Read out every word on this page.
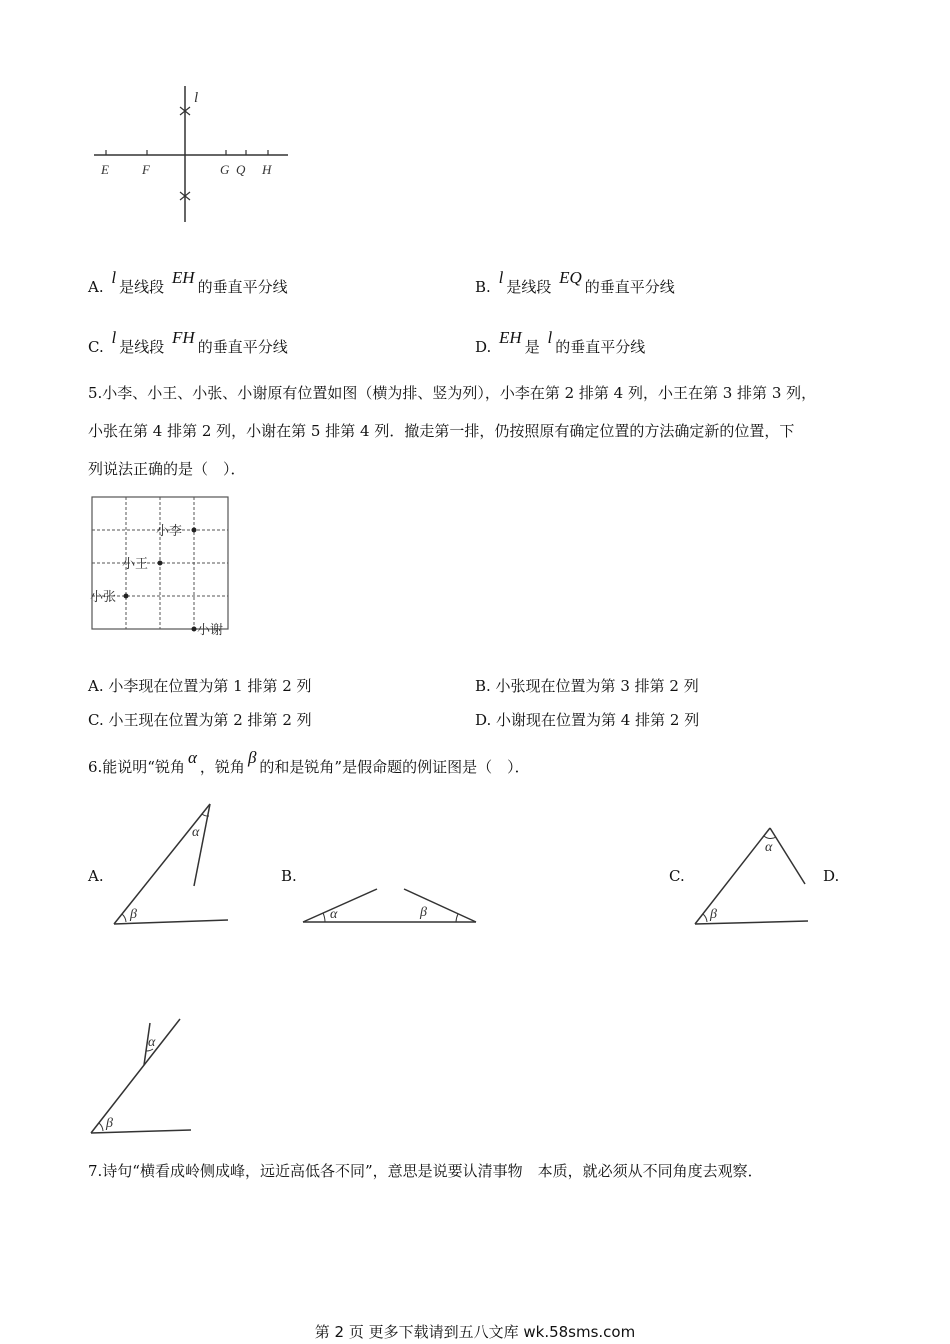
l
E	F	G Q H
A. l 是线段 EH 的垂直平分线	B. l 是线段 EQ 的垂直平分线
C. l 是线段 FH 的垂直平分线	D. EH 是 l 的垂直平分线
5.小李、小王、小张、小谢原有位置如图（横为排、竖为列），小李在第 2 排第 4 列，小王在第 3 排第 3 列，
小张在第 4 排第 2 列，小谢在第 5 排第 4 列．撤走第一排，仍按照原有确定位置的方法确定新的位置，下
列说法正确的是（　）．
小李
小王
小张
小谢
A. 小李现在位置为第 1 排第 2 列	B. 小张现在位置为第 3 排第 2 列
C. 小王现在位置为第 2 排第 2 列	D. 小谢现在位置为第 4 排第 2 列
6.能说明“锐角 α ，锐角 β 的和是锐角”是假命题的例证图是（　）．
A.	B.	C.	D.
β
α
α	β	β
α
β
α
7.诗句“横看成岭侧成峰，远近高低各不同”，意思是说要认清事物　本质，就必须从不同角度去观察．
第 2 页 更多下载请到五八文库 wk.58sms.com
